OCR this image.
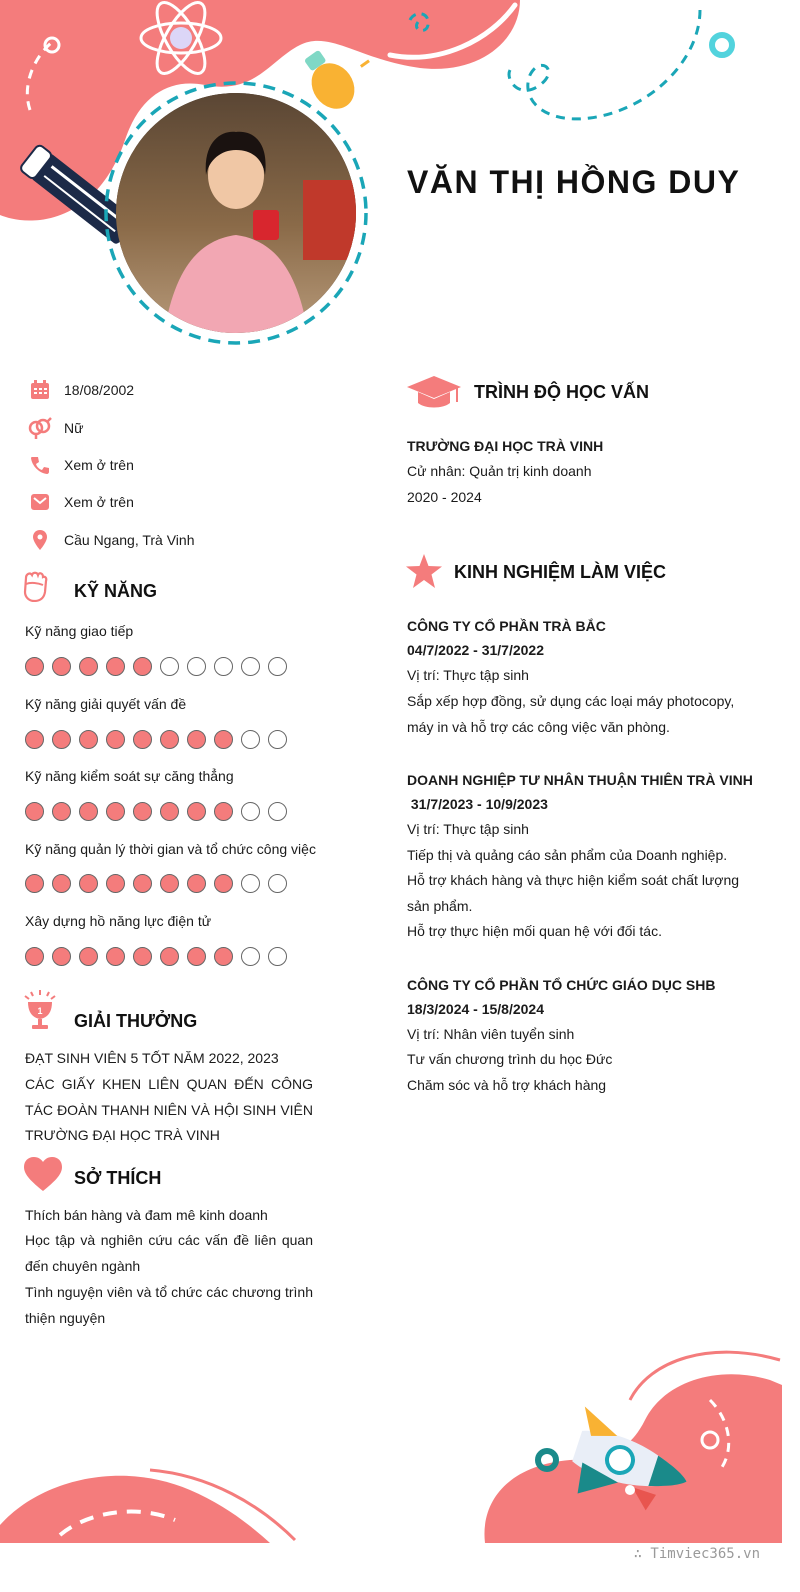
VĂN THỊ HỒNG DUY
18/08/2002
Nữ
Xem ở trên
Xem ở trên
Cầu Ngang, Trà Vinh
KỸ NĂNG
Kỹ năng giao tiếp
Kỹ năng giải quyết vấn đề
Kỹ năng kiểm soát sự căng thẳng
Kỹ năng quản lý thời gian và tổ chức công việc
Xây dựng hồ năng lực điện tử
1 GIẢI THƯỞNG
ĐẠT SINH VIÊN 5 TỐT NĂM 2022, 2023
CÁC GIẤY KHEN LIÊN QUAN ĐẾN CÔNG TÁC ĐOÀN THANH NIÊN VÀ HỘI SINH VIÊN TRƯỜNG ĐẠI HỌC TRÀ VINH
SỞ THÍCH
Thích bán hàng và đam mê kinh doanh
Học tập và nghiên cứu các vấn đề liên quan đến chuyên ngành
Tình nguyện viên và tổ chức các chương trình thiện nguyện
TRÌNH ĐỘ HỌC VẤN
TRƯỜNG ĐẠI HỌC TRÀ VINH
Cử nhân: Quản trị kinh doanh
2020 - 2024
KINH NGHIỆM LÀM VIỆC
CÔNG TY CỔ PHẦN TRÀ BẮC
04/7/2022 - 31/7/2022
Vị trí: Thực tập sinh
Sắp xếp hợp đồng, sử dụng các loại máy photocopy, máy in và hỗ trợ các công việc văn phòng.
DOANH NGHIỆP TƯ NHÂN THUẬN THIÊN TRÀ VINH
31/7/2023 - 10/9/2023
Vị trí: Thực tập sinh
Tiếp thị và quảng cáo sản phẩm của Doanh nghiệp.
Hỗ trợ khách hàng và thực hiện kiểm soát chất lượng sản phẩm.
Hỗ trợ thực hiện mối quan hệ với đối tác.
CÔNG TY CỔ PHẦN TỔ CHỨC GIÁO DỤC SHB
18/3/2024 - 15/8/2024
Vị trí: Nhân viên tuyển sinh
Tư vấn chương trình du học Đức
Chăm sóc và hỗ trợ khách hàng
∴ Timviec365.vn
